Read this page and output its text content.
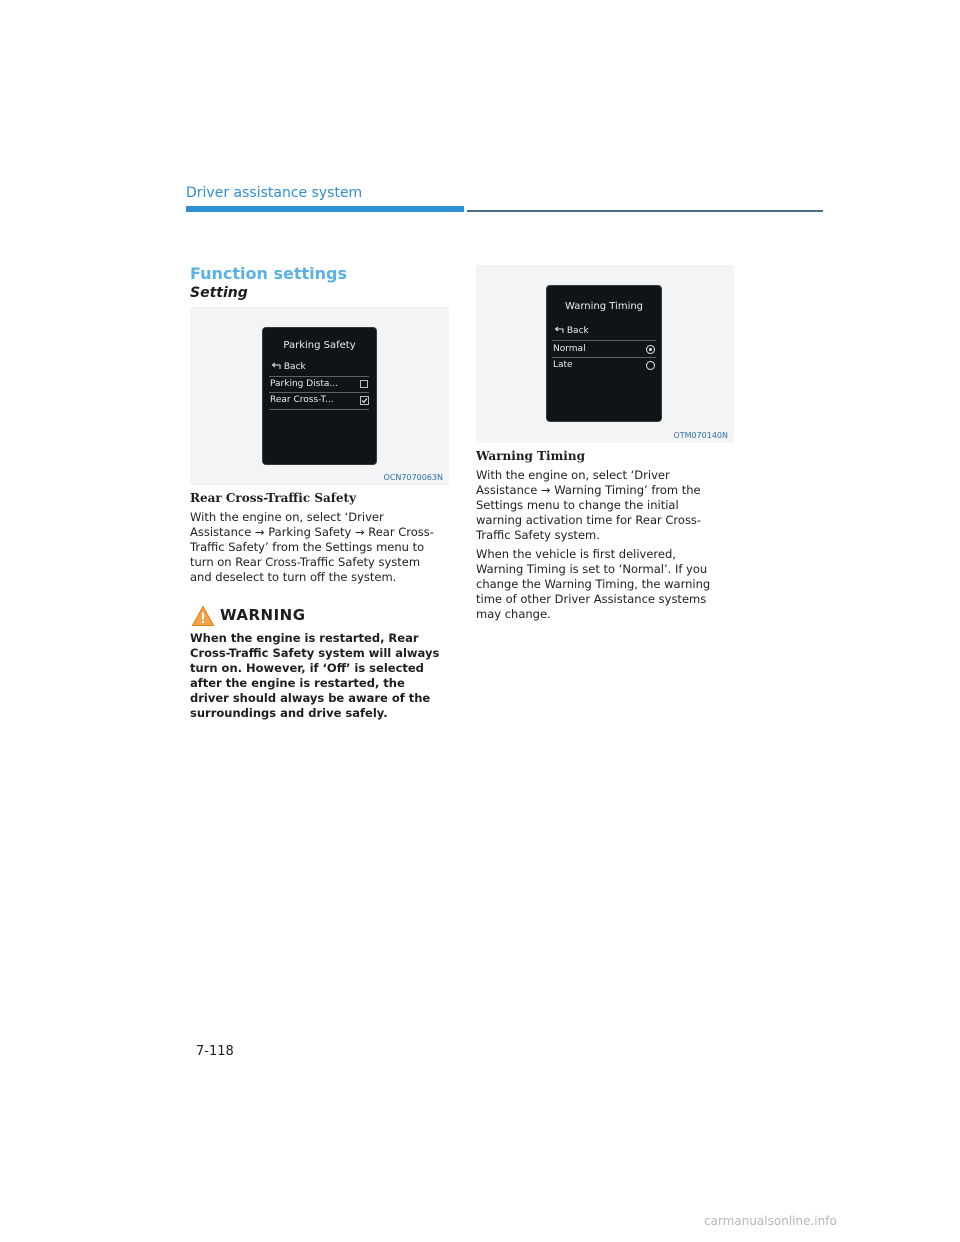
Driver assistance system
Function settings
Setting
Parking Safety
Back
Parking Dista...
Rear Cross-T...
OCN7070063N
Rear Cross-Traffic Safety
With the engine on, select ‘Driver
Assistance → Parking Safety → Rear Cross-
Traffic Safety’ from the Settings menu to
turn on Rear Cross-Traffic Safety system
and deselect to turn off the system.
WARNING
When the engine is restarted, Rear
Cross-Traffic Safety system will always
turn on. However, if ‘Off’ is selected
after the engine is restarted, the
driver should always be aware of the
surroundings and drive safely.
Warning Timing
Back
Normal
Late
OTM070140N
Warning Timing
With the engine on, select ‘Driver
Assistance → Warning Timing’ from the
Settings menu to change the initial
warning activation time for Rear Cross-
Traffic Safety system.
When the vehicle is first delivered,
Warning Timing is set to ‘Normal’. If you
change the Warning Timing, the warning
time of other Driver Assistance systems
may change.
7-118
carmanualsonline.info
